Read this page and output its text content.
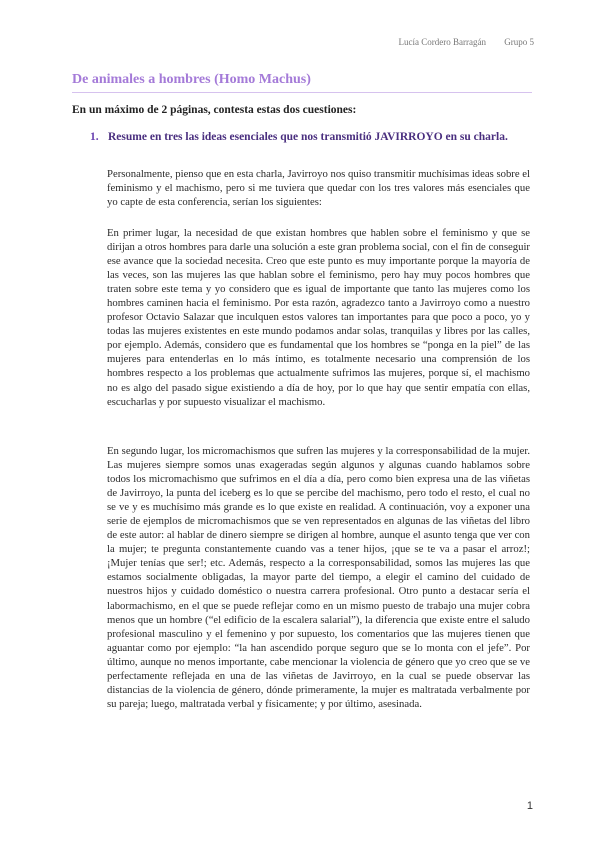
Lucía Cordero Barragán Grupo 5
De animales a hombres (Homo Machus)

En un máximo de 2 páginas, contesta estas dos cuestiones:

1. Resume en tres las ideas esenciales que nos transmitió JAVIRROYO en su charla.

Personalmente, pienso que en esta charla, Javirroyo nos quiso transmitir muchísimas ideas sobre el feminismo y el machismo, pero si me tuviera que quedar con los tres valores más esenciales que yo capte de esta conferencia, serían los siguientes:

En primer lugar, la necesidad de que existan hombres que hablen sobre el feminismo y que se dirijan a otros hombres para darle una solución a este gran problema social, con el fin de conseguir ese avance que la sociedad necesita. Creo que este punto es muy importante porque la mayoría de las veces, son las mujeres las que hablan sobre el feminismo, pero hay muy pocos hombres que traten sobre este tema y yo considero que es igual de importante que tanto las mujeres como los hombres caminen hacia el feminismo. Por esta razón, agradezco tanto a Javirroyo como a nuestro profesor Octavio Salazar que inculquen estos valores tan importantes para que poco a poco, yo y todas las mujeres existentes en este mundo podamos andar solas, tranquilas y libres por las calles, por ejemplo. Además, considero que es fundamental que los hombres se “ponga en la piel” de las mujeres para entenderlas en lo más íntimo, es totalmente necesario una comprensión de los hombres respecto a los problemas que actualmente sufrimos las mujeres, porque sí, el machismo no es algo del pasado sigue existiendo a día de hoy, por lo que hay que sentir empatía con ellas, escucharlas y por supuesto visualizar el machismo.

En segundo lugar, los micromachismos que sufren las mujeres y la corresponsabilidad de la mujer. Las mujeres siempre somos unas exageradas según algunos y algunas cuando hablamos sobre todos los micromachismo que sufrimos en el día a día, pero como bien expresa una de las viñetas de Javirroyo, la punta del iceberg es lo que se percibe del machismo, pero todo el resto, el cual no se ve y es muchísimo más grande es lo que existe en realidad. A continuación, voy a exponer una serie de ejemplos de micromachismos que se ven representados en algunas de las viñetas del libro de este autor: al hablar de dinero siempre se dirigen al hombre, aunque el asunto tenga que ver con la mujer; te pregunta constantemente cuando vas a tener hijos, ¡que se te va a pasar el arroz!; ¡Mujer tenías que ser!; etc. Además, respecto a la corresponsabilidad, somos las mujeres las que estamos socialmente obligadas, la mayor parte del tiempo, a elegir el camino del cuidado de nuestros hijos y cuidado doméstico o nuestra carrera profesional. Otro punto a destacar sería el labormachismo, en el que se puede reflejar como en un mismo puesto de trabajo una mujer cobra menos que un hombre (“el edificio de la escalera salarial”), la diferencia que existe entre el saludo profesional masculino y el femenino y por supuesto, los comentarios que las mujeres tienen que aguantar como por ejemplo: “la han ascendido porque seguro que se lo monta con el jefe”. Por último, aunque no menos importante, cabe mencionar la violencia de género que yo creo que se ve perfectamente reflejada en una de las viñetas de Javirroyo, en la cual se puede observar las distancias de la violencia de género, dónde primeramente, la mujer es maltratada verbalmente por su pareja; luego, maltratada verbal y físicamente; y por último, asesinada.

1
